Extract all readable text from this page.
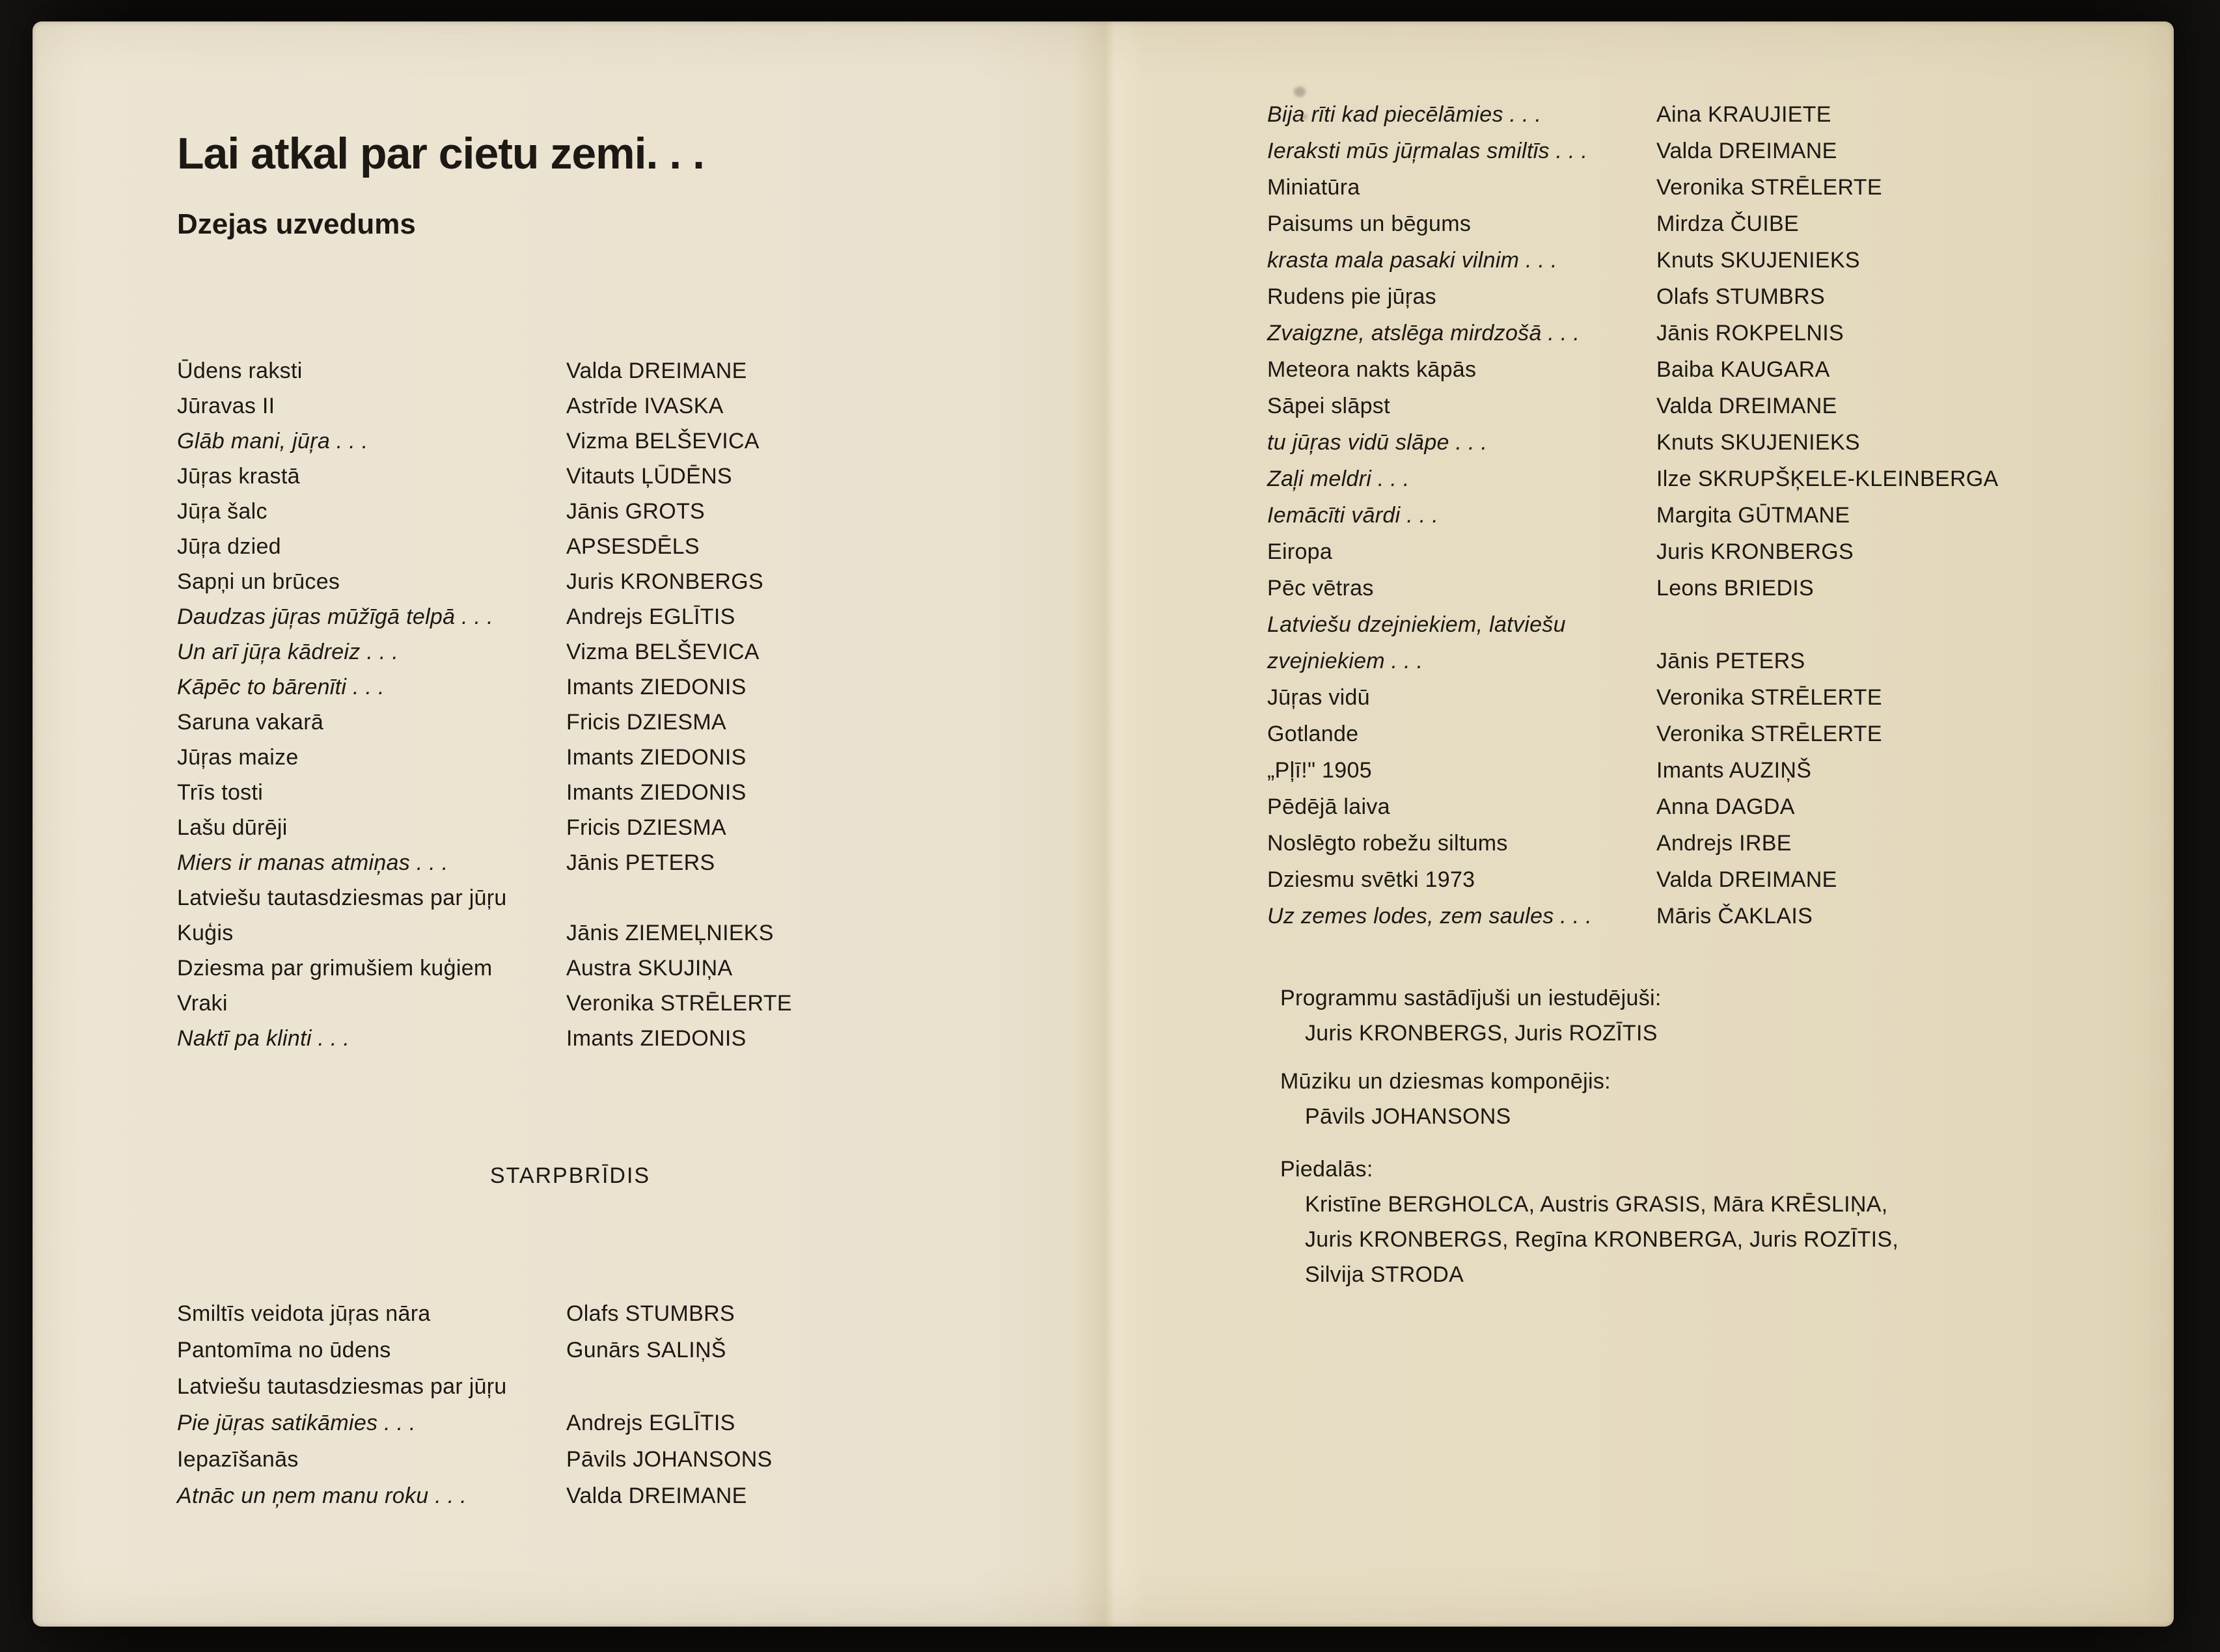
Lai atkal par cietu zemi. . .
Dzejas uzvedums
Ūdens raksti	Valda DREIMANE
Jūravas II	Astrīde IVASKA
Glāb mani, jūŗa . . .	Vizma BELŠEVICA
Jūŗas krastā	Vitauts ĻŪDĒNS
Jūŗa šalc	Jānis GROTS
Jūŗa dzied	APSESDĒLS
Sapņi un brūces	Juris KRONBERGS
Daudzas jūŗas mūžīgā telpā . . .	Andrejs EGLĪTIS
Un arī jūŗa kādreiz . . .	Vizma BELŠEVICA
Kāpēc to bārenīti . . .	Imants ZIEDONIS
Saruna vakarā	Fricis DZIESMA
Jūŗas maize	Imants ZIEDONIS
Trīs tosti	Imants ZIEDONIS
Lašu dūrēji	Fricis DZIESMA
Miers ir manas atmiņas . . .	Jānis PETERS
Latviešu tautasdziesmas par jūŗu
Kuģis	Jānis ZIEMEĻNIEKS
Dziesma par grimušiem kuģiem	Austra SKUJIŅA
Vraki	Veronika STRĒLERTE
Naktī pa klinti . . .	Imants ZIEDONIS
STARPBRĪDIS
Smiltīs veidota jūŗas nāra	Olafs STUMBRS
Pantomīma no ūdens	Gunārs SALIŅŠ
Latviešu tautasdziesmas par jūŗu
Pie jūŗas satikāmies . . .	Andrejs EGLĪTIS
Iepazīšanās	Pāvils JOHANSONS
Atnāc un ņem manu roku . . .	Valda DREIMANE
Bija rīti kad piecēlāmies . . .	Aina KRAUJIETE
Ieraksti mūs jūŗmalas smiltīs . . .	Valda DREIMANE
Miniatūra	Veronika STRĒLERTE
Paisums un bēgums	Mirdza ČUIBE
krasta mala pasaki vilnim . . .	Knuts SKUJENIEKS
Rudens pie jūŗas	Olafs STUMBRS
Zvaigzne, atslēga mirdzošā . . .	Jānis ROKPELNIS
Meteora nakts kāpās	Baiba KAUGARA
Sāpei slāpst	Valda DREIMANE
tu jūŗas vidū slāpe . . .	Knuts SKUJENIEKS
Zaļi meldri . . .	Ilze SKRUPŠĶELE-KLEINBERGA
Iemācīti vārdi . . .	Margita GŪTMANE
Eiropa	Juris KRONBERGS
Pēc vētras	Leons BRIEDIS
Latviešu dzejniekiem, latviešu
zvejniekiem . . .	Jānis PETERS
Jūŗas vidū	Veronika STRĒLERTE
Gotlande	Veronika STRĒLERTE
„Pļī!" 1905	Imants AUZIŅŠ
Pēdējā laiva	Anna DAGDA
Noslēgto robežu siltums	Andrejs IRBE
Dziesmu svētki 1973	Valda DREIMANE
Uz zemes lodes, zem saules . . .	Māris ČAKLAIS
Programmu sastādījuši un iestudējuši:
Juris KRONBERGS, Juris ROZĪTIS
Mūziku un dziesmas komponējis:
Pāvils JOHANSONS
Piedalās:
Kristīne BERGHOLCA, Austris GRASIS, Māra KRĒSLIŅA,
Juris KRONBERGS, Regīna KRONBERGA, Juris ROZĪTIS,
Silvija STRODA
